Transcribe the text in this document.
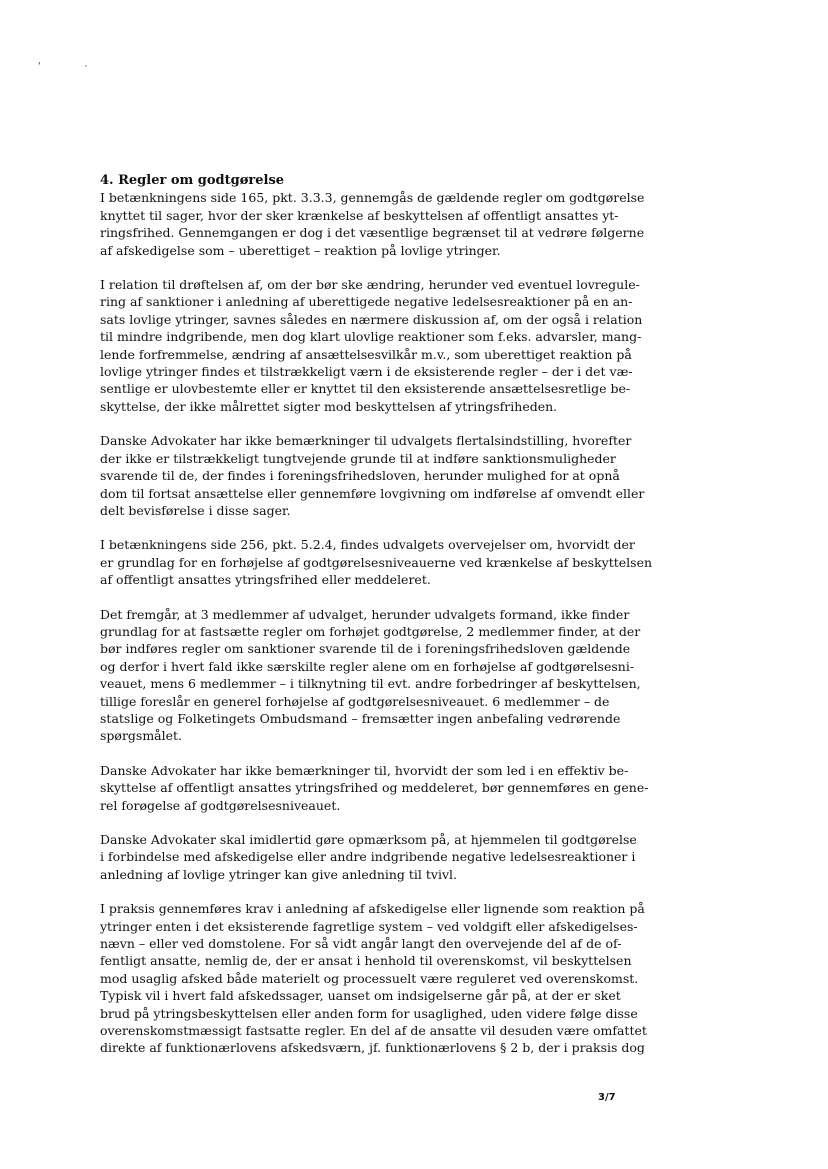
'	·
4. Regler om godtgørelse

I betænkningens side 165, pkt. 3.3.3, gennemgås de gældende regler om godtgørelse
knyttet til sager, hvor der sker krænkelse af beskyttelsen af offentligt ansattes yt-
ringsfrihed. Gennemgangen er dog i det væsentlige begrænset til at vedrøre følgerne
af afskedigelse som – uberettiget – reaktion på lovlige ytringer.

I relation til drøftelsen af, om der bør ske ændring, herunder ved eventuel lovregule-
ring af sanktioner i anledning af uberettigede negative ledelsesreaktioner på en an-
sats lovlige ytringer, savnes således en nærmere diskussion af, om der også i relation
til mindre indgribende, men dog klart ulovlige reaktioner som f.eks. advarsler, mang-
lende forfremmelse, ændring af ansættelsesvilkår m.v., som uberettiget reaktion på
lovlige ytringer findes et tilstrækkeligt værn i de eksisterende regler – der i det væ-
sentlige er ulovbestemte eller er knyttet til den eksisterende ansættelsesretlige be-
skyttelse, der ikke målrettet sigter mod beskyttelsen af ytringsfriheden.

Danske Advokater har ikke bemærkninger til udvalgets flertalsindstilling, hvorefter
der ikke er tilstrækkeligt tungtvejende grunde til at indføre sanktionsmuligheder
svarende til de, der findes i foreningsfrihedsloven, herunder mulighed for at opnå
dom til fortsat ansættelse eller gennemføre lovgivning om indførelse af omvendt eller
delt bevisførelse i disse sager.

I betænkningens side 256, pkt. 5.2.4, findes udvalgets overvejelser om, hvorvidt der
er grundlag for en forhøjelse af godtgørelsesniveauerne ved krænkelse af beskyttelsen
af offentligt ansattes ytringsfrihed eller meddeleret.

Det fremgår, at 3 medlemmer af udvalget, herunder udvalgets formand, ikke finder
grundlag for at fastsætte regler om forhøjet godtgørelse, 2 medlemmer finder, at der
bør indføres regler om sanktioner svarende til de i foreningsfrihedsloven gældende
og derfor i hvert fald ikke særskilte regler alene om en forhøjelse af godtgørelsesni-
veauet, mens 6 medlemmer – i tilknytning til evt. andre forbedringer af beskyttelsen,
tillige foreslår en generel forhøjelse af godtgørelsesniveauet. 6 medlemmer – de
statslige og Folketingets Ombudsmand – fremsætter ingen anbefaling vedrørende
spørgsmålet.

Danske Advokater har ikke bemærkninger til, hvorvidt der som led i en effektiv be-
skyttelse af offentligt ansattes ytringsfrihed og meddeleret, bør gennemføres en gene-
rel forøgelse af godtgørelsesniveauet.

Danske Advokater skal imidlertid gøre opmærksom på, at hjemmelen til godtgørelse
i forbindelse med afskedigelse eller andre indgribende negative ledelsesreaktioner i
anledning af lovlige ytringer kan give anledning til tvivl.

I praksis gennemføres krav i anledning af afskedigelse eller lignende som reaktion på
ytringer enten i det eksisterende fagretlige system – ved voldgift eller afskedigelses-
nævn – eller ved domstolene. For så vidt angår langt den overvejende del af de of-
fentligt ansatte, nemlig de, der er ansat i henhold til overenskomst, vil beskyttelsen
mod usaglig afsked både materielt og processuelt være reguleret ved overenskomst.
Typisk vil i hvert fald afskedssager, uanset om indsigelserne går på, at der er sket
brud på ytringsbeskyttelsen eller anden form for usaglighed, uden videre følge disse
overenskomstmæssigt fastsatte regler. En del af de ansatte vil desuden være omfattet
direkte af funktionærlovens afskedsværn, jf. funktionærlovens § 2 b, der i praksis dog

3/7
